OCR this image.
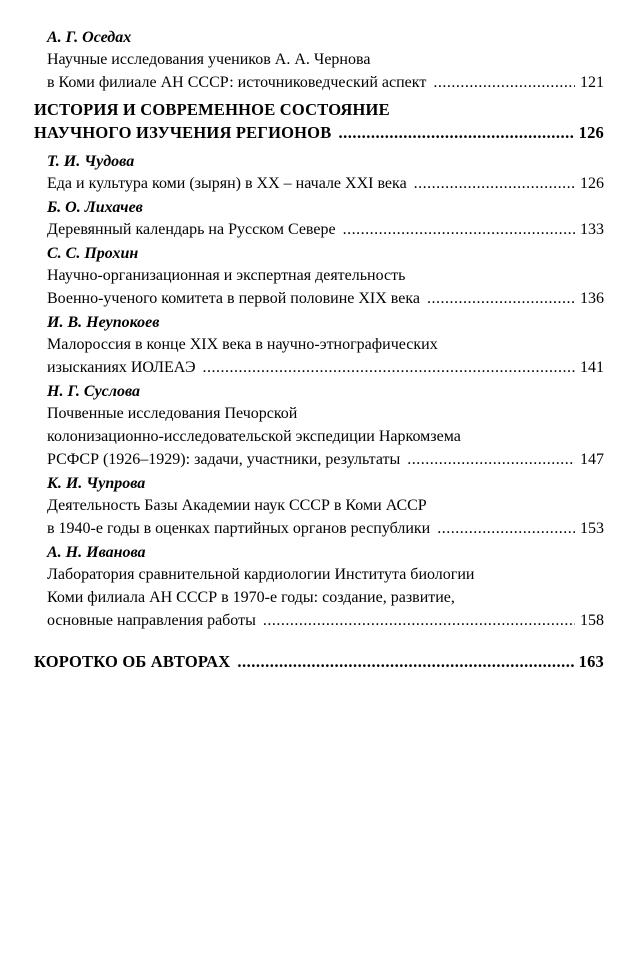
А. Г. Оседах
Научные исследования учеников А. А. Чернова
в Коми филиале АН СССР: источниковедческий аспект .....	121
ИСТОРИЯ И СОВРЕМЕННОЕ СОСТОЯНИЕ
НАУЧНОГО ИЗУЧЕНИЯ РЕГИОНОВ .....	126
Т. И. Чудова
Еда и культура коми (зырян) в ХХ – начале ХХI века .....	126
Б. О. Лихачев
Деревянный календарь на Русском Севере .....	133
С. С. Прохин
Научно-организационная и экспертная деятельность
Военно-ученого комитета в первой половине XIX века .....	136
И. В. Неупокоев
Малороссия в конце XIX века в научно-этнографических
изысканиях ИОЛЕАЭ .....	141
Н. Г. Суслова
Почвенные исследования Печорской
колонизационно-исследовательской экспедиции Наркомзема
РСФСР (1926–1929): задачи, участники, результаты .....	147
К. И. Чупрова
Деятельность Базы Академии наук СССР в Коми АССР
в 1940-е годы в оценках партийных органов республики .....	153
А. Н. Иванова
Лаборатория сравнительной кардиологии Института биологии
Коми филиала АН СССР в 1970-е годы: создание, развитие,
основные направления работы .....	158
КОРОТКО ОБ АВТОРАХ .....	163
